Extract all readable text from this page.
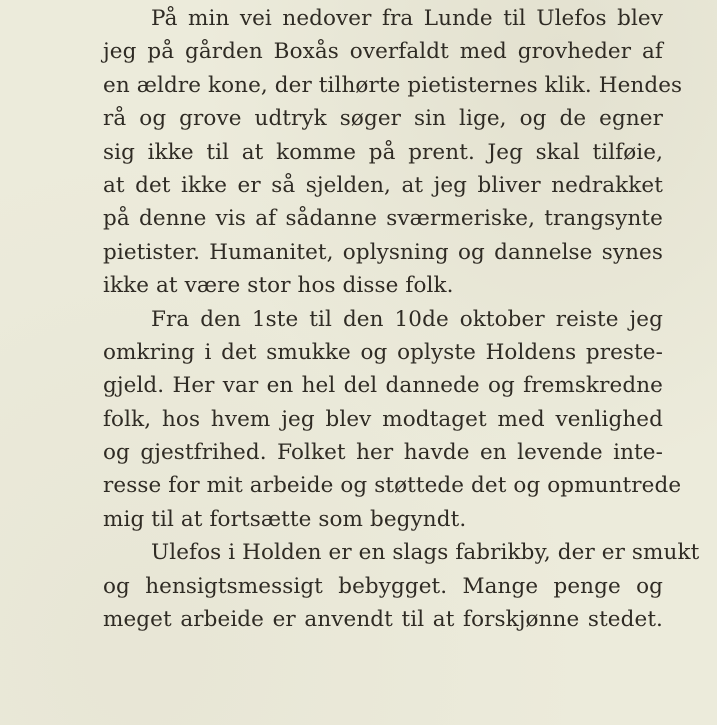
På min vei nedover fra Lunde til Ulefos blev
jeg på gården Boxås overfaldt med grovheder af
en ældre kone, der tilhørte pietisternes klik. Hendes
rå og grove udtryk søger sin lige, og de egner
sig ikke til at komme på prent. Jeg skal tilføie,
at det ikke er så sjelden, at jeg bliver nedrakket
på denne vis af sådanne sværmeriske, trangsynte
pietister. Humanitet, oplysning og dannelse synes
ikke at være stor hos disse folk.
Fra den 1ste til den 10de oktober reiste jeg
omkring i det smukke og oplyste Holdens preste-
gjeld. Her var en hel del dannede og fremskredne
folk, hos hvem jeg blev modtaget med venlighed
og gjestfrihed. Folket her havde en levende inte-
resse for mit arbeide og støttede det og opmuntrede
mig til at fortsætte som begyndt.
Ulefos i Holden er en slags fabrikby, der er smukt
og hensigtsmessigt bebygget. Mange penge og
meget arbeide er anvendt til at forskjønne stedet.
